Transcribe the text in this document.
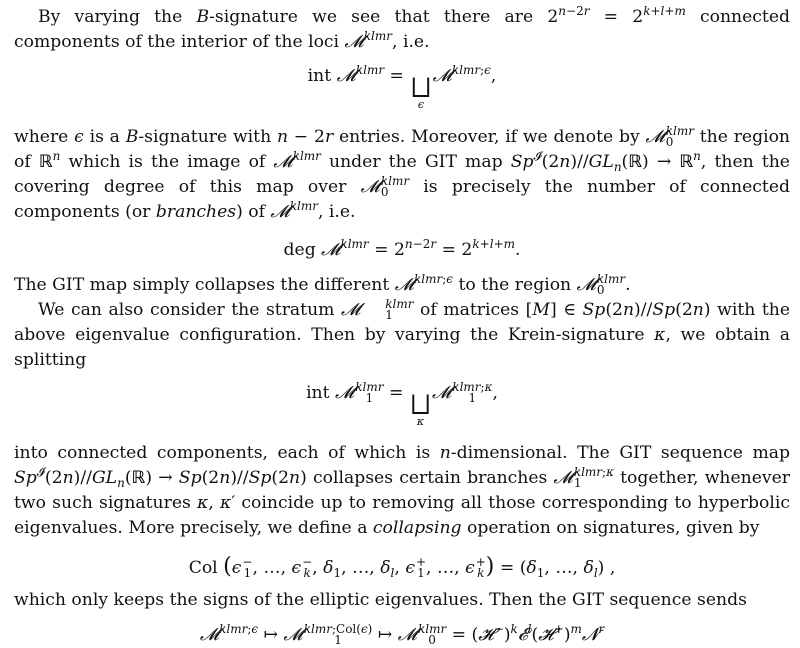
By varying the B-signature we see that there are $2^{n-2r} = 2^{k+l+m}$ connected components of the interior of the loci 𝓜$^{klmr}$, i.e.

int 𝓜$^{klmr}$ = ⨆
ϵ
𝓜$^{klmr;\epsilon}$,

where ϵ is a B-signature with n − 2r entries. Moreover, if we denote by 𝓜 klmr
0	the region of ℝ$^n$ which is the image of 𝓜$^{klmr}$ under the GIT map $Sp^𝓘(2n)//GL_n(ℝ)$ → ℝ$^n$, then the covering degree of this map over 𝓜 klmr
0	is precisely the number of connected components (or branches) of 𝓜$^{klmr}$, i.e.

deg 𝓜$^{klmr}$ = $2^{n-2r} = 2^{k+l+m}$.

The GIT map simply collapses the different 𝓜$^{klmr;\epsilon}$ to the region 𝓜 klmr
0	.

We can also consider the stratum 𝓜	klmr
1	of matrices [M] ∈ Sp(2n)//Sp(2n) with the above eigenvalue configuration. Then by varying the Krein-signature κ, we obtain a splitting

int 𝓜 klmr
1 = ⨆
κ
𝓜 klmr;κ
1 ,

into connected components, each of which is n-dimensional. The GIT sequence map $Sp^𝓘(2n)//GL_n(ℝ) \to Sp(2n)//Sp(2n)$ collapses certain branches 𝓜 klmr;κ
1	together, whenever two such signatures κ, κ′ coincide up to removing all those corresponding to hyperbolic eigenvalues. More precisely, we define a collapsing operation on signatures, given by

Col (ϵ −
1 , …, ϵ −
k , $\delta_1$, …, $\delta_l$, ϵ +
1 , …, ϵ +
k ) = ($\delta_1$, …, $\delta_l$) ,

which only keeps the signs of the elliptic eigenvalues. Then the GIT sequence sends

𝓜$^{klmr;\epsilon}$ ↦ 𝓜 klmr;Col(ϵ)
1	↦ 𝓜 klmr
0 = (𝓗−)$^k$𝓔$^l$(𝓗+)$^m$𝓝$^r$
